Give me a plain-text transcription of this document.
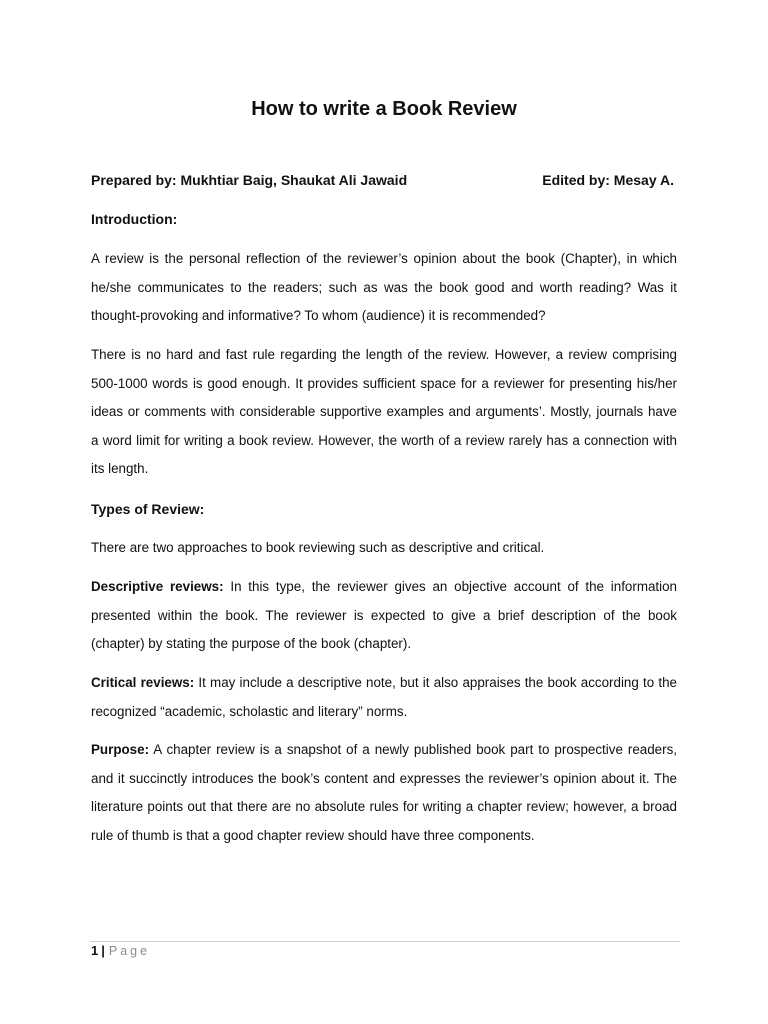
How to write a Book Review
Prepared by: Mukhtiar Baig, Shaukat Ali Jawaid	Edited by: Mesay A.
Introduction:

A review is the personal reflection of the reviewer’s opinion about the book (Chapter), in which he/she communicates to the readers; such as was the book good and worth reading? Was it thought-provoking and informative? To whom (audience) it is recommended?

There is no hard and fast rule regarding the length of the review. However, a review comprising 500-1000 words is good enough. It provides sufficient space for a reviewer for presenting his/her ideas or comments with considerable supportive examples and arguments’. Mostly, journals have a word limit for writing a book review. However, the worth of a review rarely has a connection with its length.

Types of Review:

There are two approaches to book reviewing such as descriptive and critical.

Descriptive reviews: In this type, the reviewer gives an objective account of the information presented within the book. The reviewer is expected to give a brief description of the book (chapter) by stating the purpose of the book (chapter).

Critical reviews: It may include a descriptive note, but it also appraises the book according to the recognized “academic, scholastic and literary” norms.

Purpose: A chapter review is a snapshot of a newly published book part to prospective readers, and it succinctly introduces the book’s content and expresses the reviewer’s opinion about it. The literature points out that there are no absolute rules for writing a chapter review; however, a broad rule of thumb is that a good chapter review should have three components.

1 | Page
